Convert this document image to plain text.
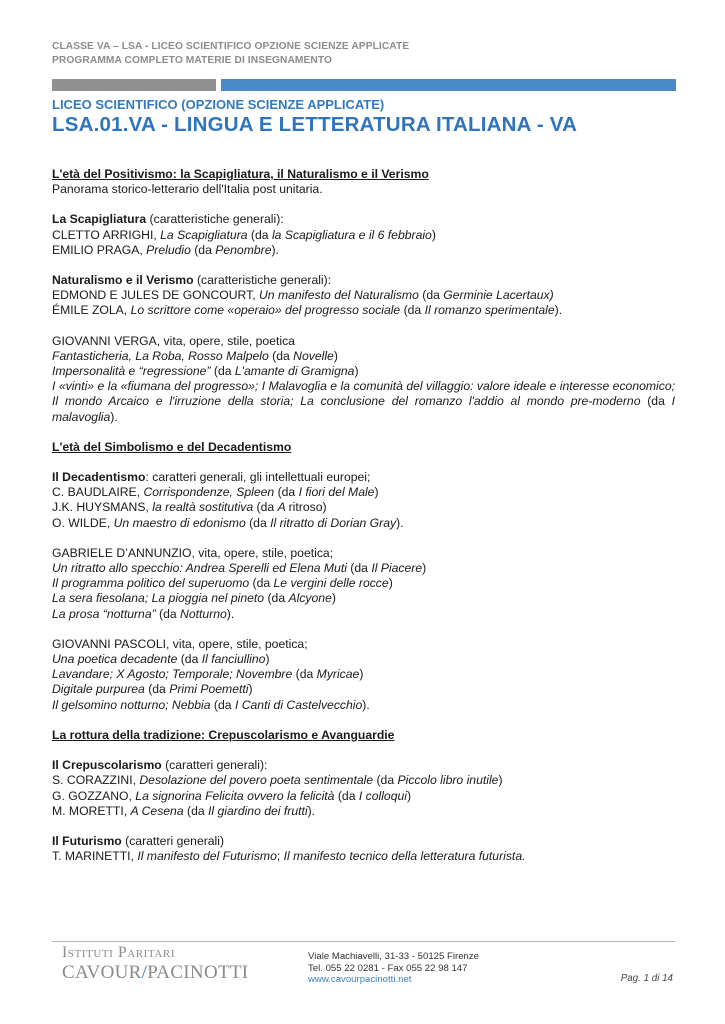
CLASSE VA – LSA - LICEO SCIENTIFICO OPZIONE SCIENZE APPLICATE
PROGRAMMA COMPLETO MATERIE DI INSEGNAMENTO
LICEO SCIENTIFICO (OPZIONE SCIENZE APPLICATE)
LSA.01.VA - LINGUA E LETTERATURA ITALIANA - VA

L'età del Positivismo: la Scapigliatura, il Naturalismo e il Verismo

Panorama storico-letterario dell'Italia post unitaria.

La Scapigliatura (caratteristiche generali):

CLETTO ARRIGHI, La Scapigliatura (da la Scapigliatura e il 6 febbraio)

EMILIO PRAGA, Preludio (da Penombre).

Naturalismo e il Verismo (caratteristiche generali):

EDMOND E JULES DE GONCOURT, Un manifesto del Naturalismo (da Germinie Lacertaux)

ÉMILE ZOLA, Lo scrittore come «operaio» del progresso sociale (da Il romanzo sperimentale).

GIOVANNI VERGA, vita, opere, stile, poetica

Fantasticheria, La Roba, Rosso Malpelo (da Novelle)

Impersonalità e “regressione” (da L'amante di Gramigna)

I «vinti» e la «fiumana del progresso»; I Malavoglia e la comunità del villaggio: valore ideale e interesse economico; Il mondo Arcaico e l'irruzione della storia; La conclusione del romanzo l'addio al mondo pre-moderno (da I malavoglia).

L'età del Simbolismo e del Decadentismo

Il Decadentismo: caratteri generali, gli intellettuali europei;

C. BAUDLAIRE, Corrispondenze, Spleen (da I fiori del Male)

J.K. HUYSMANS, la realtà sostitutiva (da A ritroso)

O. WILDE, Un maestro di edonismo (da Il ritratto di Dorian Gray).

GABRIELE D’ANNUNZIO, vita, opere, stile, poetica;

Un ritratto allo specchio: Andrea Sperelli ed Elena Muti (da Il Piacere)

Il programma politico del superuomo (da Le vergini delle rocce)

La sera fiesolana; La pioggia nel pineto (da Alcyone)

La prosa “notturna” (da Notturno).

GIOVANNI PASCOLI, vita, opere, stile, poetica;

Una poetica decadente (da Il fanciullino)

Lavandare; X Agosto; Temporale; Novembre (da Myricae)

Digitale purpurea (da Primi Poemetti)

Il gelsomino notturno; Nebbia (da I Canti di Castelvecchio).

La rottura della tradizione: Crepuscolarismo e Avanguardie

Il Crepuscolarismo (caratteri generali):

S. CORAZZINI, Desolazione del povero poeta sentimentale (da Piccolo libro inutile)

G. GOZZANO, La signorina Felicita ovvero la felicità (da I colloqui)

M. MORETTI, A Cesena (da Il giardino dei frutti).

Il Futurismo (caratteri generali)

T. MARINETTI, Il manifesto del Futurismo; Il manifesto tecnico della letteratura futurista.

Istituti Paritari
CAVOUR/PACINOTTI
Viale Machiavelli, 31-33 - 50125 Firenze
Tel. 055 22 0281 - Fax 055 22 98 147
www.cavourpacinotti.net	Pag. 1 di 14
